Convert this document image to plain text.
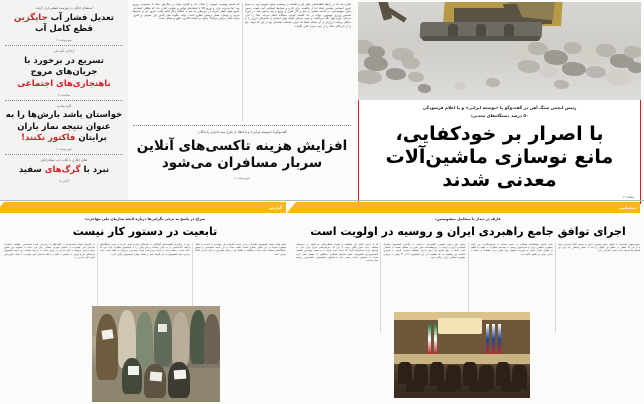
استعفای خانگی در فهرست قطعی قرار گرفت
تعدیل فشار آب جایگزین قطع کامل آب
شهرنوشت ۶
ارجاعی تأیید کرد
تسریع در برخورد با جریان‌های مروج ناهنجاری‌های اجتماعی
سیاست ۲
گاوه معدنی
خواستان باشد بارش‌ها را به عنوان نتیجه نماز باران برایتان فاکتور نکنند!
شهرنوشت ۶
تقابل انکاری با نکات جدید هیجان‌انگیز
نبرد با گرگ‌های سفید
آنلاین ۸
اشاره شد که در رابطه قطعنامه‌ای نظیر این و اقتصاد در وضعیت بسیج عمومی بود. به معنای امروز احساس سیاسی ایجاد اما از حاکمیت برای اداره و شرایط استثنایی آمد، قیمت رسمی پایین، سهمیه‌بندی، در فاجعه بخشی از ساز و کار کنترل و توزیع و پایه رسمی شد. در دوران نخستین وزیری موسوی، دولت در یک اقتصاد کوبنی، سه‌گانه انجام می‌داد، جنگ را اداره می‌کرد، تورم مهار نگه می‌داشت و سعی می‌کرد شوک بهای انسانی و حامل‌های انرژی را به حداقل برساند، ارزان‌تر از آن معادله فقط یک هزاره ایستاده نشانه‌ای بود از این که دولت خود را از دارندگان جنگ را از جیب مردم عادی نگرفت.
که انفجار وضعیت عمومی را شتاب داد و گستره تولید در سال‌های جنگ با محدودیت روبرو بود؛ اما مدیریت بازار و توزیع کالا با شبکه‌های دولتی و تعاونی، اجازه نداد که شکاف اجتماعی عمیق شود. همان تجربه، در دوره‌های بعد هم به اشکال دیگر ادامه یافت. امروز نیز در شرایط تحریم و نوسان، همان پرسش مطرح است: دولت چگونه میان تأمین نیاز عمومی و کنترل هزینه تعادل برقرار می‌کند؟ پاسخ در سیاست‌گذاری دقیق و شفاف است.
گفت‌وگو با «توسعه ایرانی» و با انتقاد از طرح بیمه اجباری رانندگان:
افزایش هزینه تاکسی‌های آنلاین
سربار مسافران می‌شود
شهرنوشت ۶
رئیس انجمن سنگ آهن در گفت‌وگو با «توسعه ایرانی» و با اعلام فرسودگی
۵۰ درصد دستگاه‌های معدنی:
با اصرار بر خودکفایی،
مانع نوسازی ماشین‌آلات معدنی شدند
صفحه ۳
گزارش
سراج در پاسخ به برخی نگرانی‌ها درباره لایحه سازمان ملی مهاجرت:
تابعیت در دستور کار نیست
عضو هیأت رئیسه کمیسیون مشترک بررسی لایحه سازمان ملی مهاجرت با اشاره به اینکه موضوع تابعیت در این قانون مطرح نیست، گفت: هدف از این لایحه ساماندهی و تجمیع دستگاه‌های مختلف ایجاد شده تا وظایف و تکلیف آن در قبال مهاجرین و اتباع خارجی کاملاً روشن باشد.
پس از برگزاری نشست‌های گوناگون با نمایندگان وزارت امور خارجه و سایر دستگاه‌های مرتبط، کارشناسی را به پایان رسانده و متن نهایی را به کمیسیون مشترک ارائه کرد که ادامه است و هفت ماده را لایحه برمی‌شده است. پیش‌بینی می‌توان از هفته آینده دامنه بررسی مواد کمیسیون از سر گرفته شود و جلسه چهارم کمیسیون برگزار گردد.
به گزارش ایسنا محمدسراج در گفت‌وگو با رویترسی لایحه ساماندهی، وظایف اختیارات سازمان ملی مهاجرت در مجلس شورای اسلامی بیان کرد: هدف از تصویب این قانون نبوده و امور مربوط به اتباع خارجی در ایران است. در مرحله نخست، این لایحه کمیسیون نمایندگان مردم تهران در مجلس با تأکید بر اینکه سازمان ملی مهاجرت با هدف عنوان‌دهی امور اتباع خارجی در
دیپلماسی
عارف در دیدار با میخاییل میشوستین:
اجرای توافق جامع راهبردی ایران و روسیه در اولویت است
رئیس‌جمهور امیدوارم به توافق جامع راهبردی ایران و روسیه اعلام افزایش یافته و از این که کشور در سطح این اتفاق رخ داد، از مسیر مختلفی که برای این همکاری‌ها تعریف شده است، قدردانی کرد.
شدن قانون موافقتنامه همکاری در حوزه حمایت از سرمایه‌گذاری بین دولت جمهوری اسلامی ایران و فدراسیون روسیه به تهدیدات مشترک به عهده دو کشور در فضای سایبر اشاره و ضرورت تسهیل روند فعلی برای حفاظت از رسانه و دانش حیاتی دو کشور تأکید کرد.
معاون اول رئیس جمهوری کشورمان با اشاره به برگزاری کمیسیون مشترک اقتصادی ایران و روسیه در اردیبهشت‌ماه سال جاری در مسکو، نسبت به عملیاتی شدن اسناد و رفع موانع فرا روی اجرای توافقات صورت گرفته را ضروری دانست. وی پیشنهاد داد که نشست آتی این کمیسیون ۲۹ و ۲۲ بهمن به میزبانی جمهوری اسلامی ایران برگزار شود.
که از اجرای کامل این توافقات و تقویت همکاری‌های دو کشور در زمینه‌های مختلف، جنبه تحول یافتن رایحه از این که چارچوب‌های تهران قرار دارد. به گزارش ایرنا، محمدرضا عارف که بامداد شنبه تهران را به سمت چهارمین نشست نخست‌وزیران کشورهای عضو سازمان همکاری شانگهای به مسکو سفر کرده است، در نخستین برنامه رسمی خود با میخاییل میشوستین نخست‌وزیر روسیه دیدار داشت.
